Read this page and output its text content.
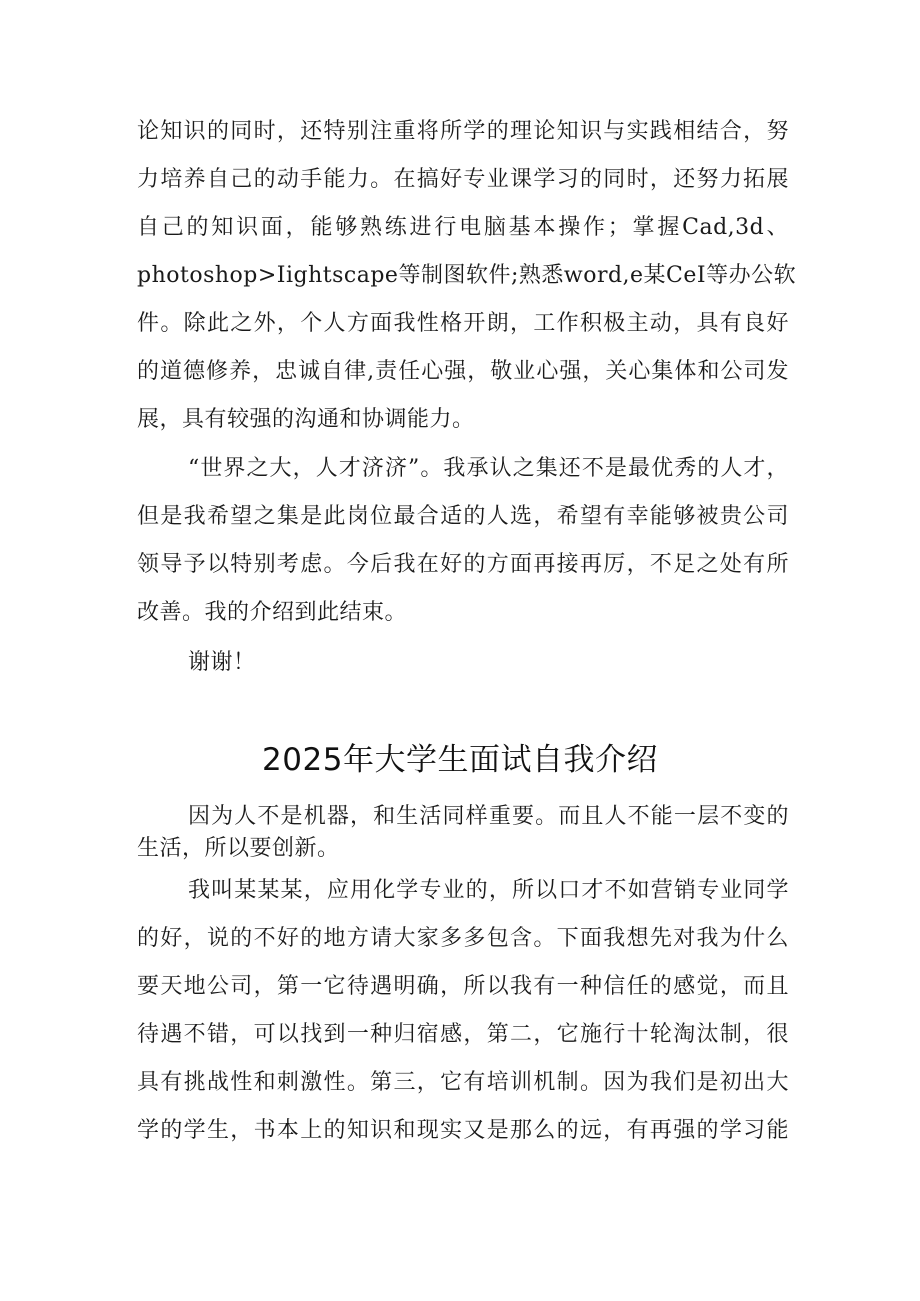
论知识的同时，还特别注重将所学的理论知识与实践相结合，努
力培养自己的动手能力。在搞好专业课学习的同时，还努力拓展
自己的知识面，能够熟练进行电脑基本操作；掌握Cad,3d、
photoshop>Iightscape等制图软件;熟悉word,e某CeI等办公软
件。除此之外，个人方面我性格开朗，工作积极主动，具有良好
的道德修养，忠诚自律,责任心强，敬业心强，关心集体和公司发
展，具有较强的沟通和协调能力。
“世界之大，人才济济”。我承认之集还不是最优秀的人才，
但是我希望之集是此岗位最合适的人选，希望有幸能够被贵公司
领导予以特别考虑。今后我在好的方面再接再厉，不足之处有所
改善。我的介绍到此结束。
谢谢！
2025年大学生面试自我介绍
因为人不是机器，和生活同样重要。而且人不能一层不变的
生活，所以要创新。
我叫某某某，应用化学专业的，所以口才不如营销专业同学
的好，说的不好的地方请大家多多包含。下面我想先对我为什么
要天地公司，第一它待遇明确，所以我有一种信任的感觉，而且
待遇不错，可以找到一种归宿感，第二，它施行十轮淘汰制，很
具有挑战性和刺激性。第三，它有培训机制。因为我们是初出大
学的学生，书本上的知识和现实又是那么的远，有再强的学习能
